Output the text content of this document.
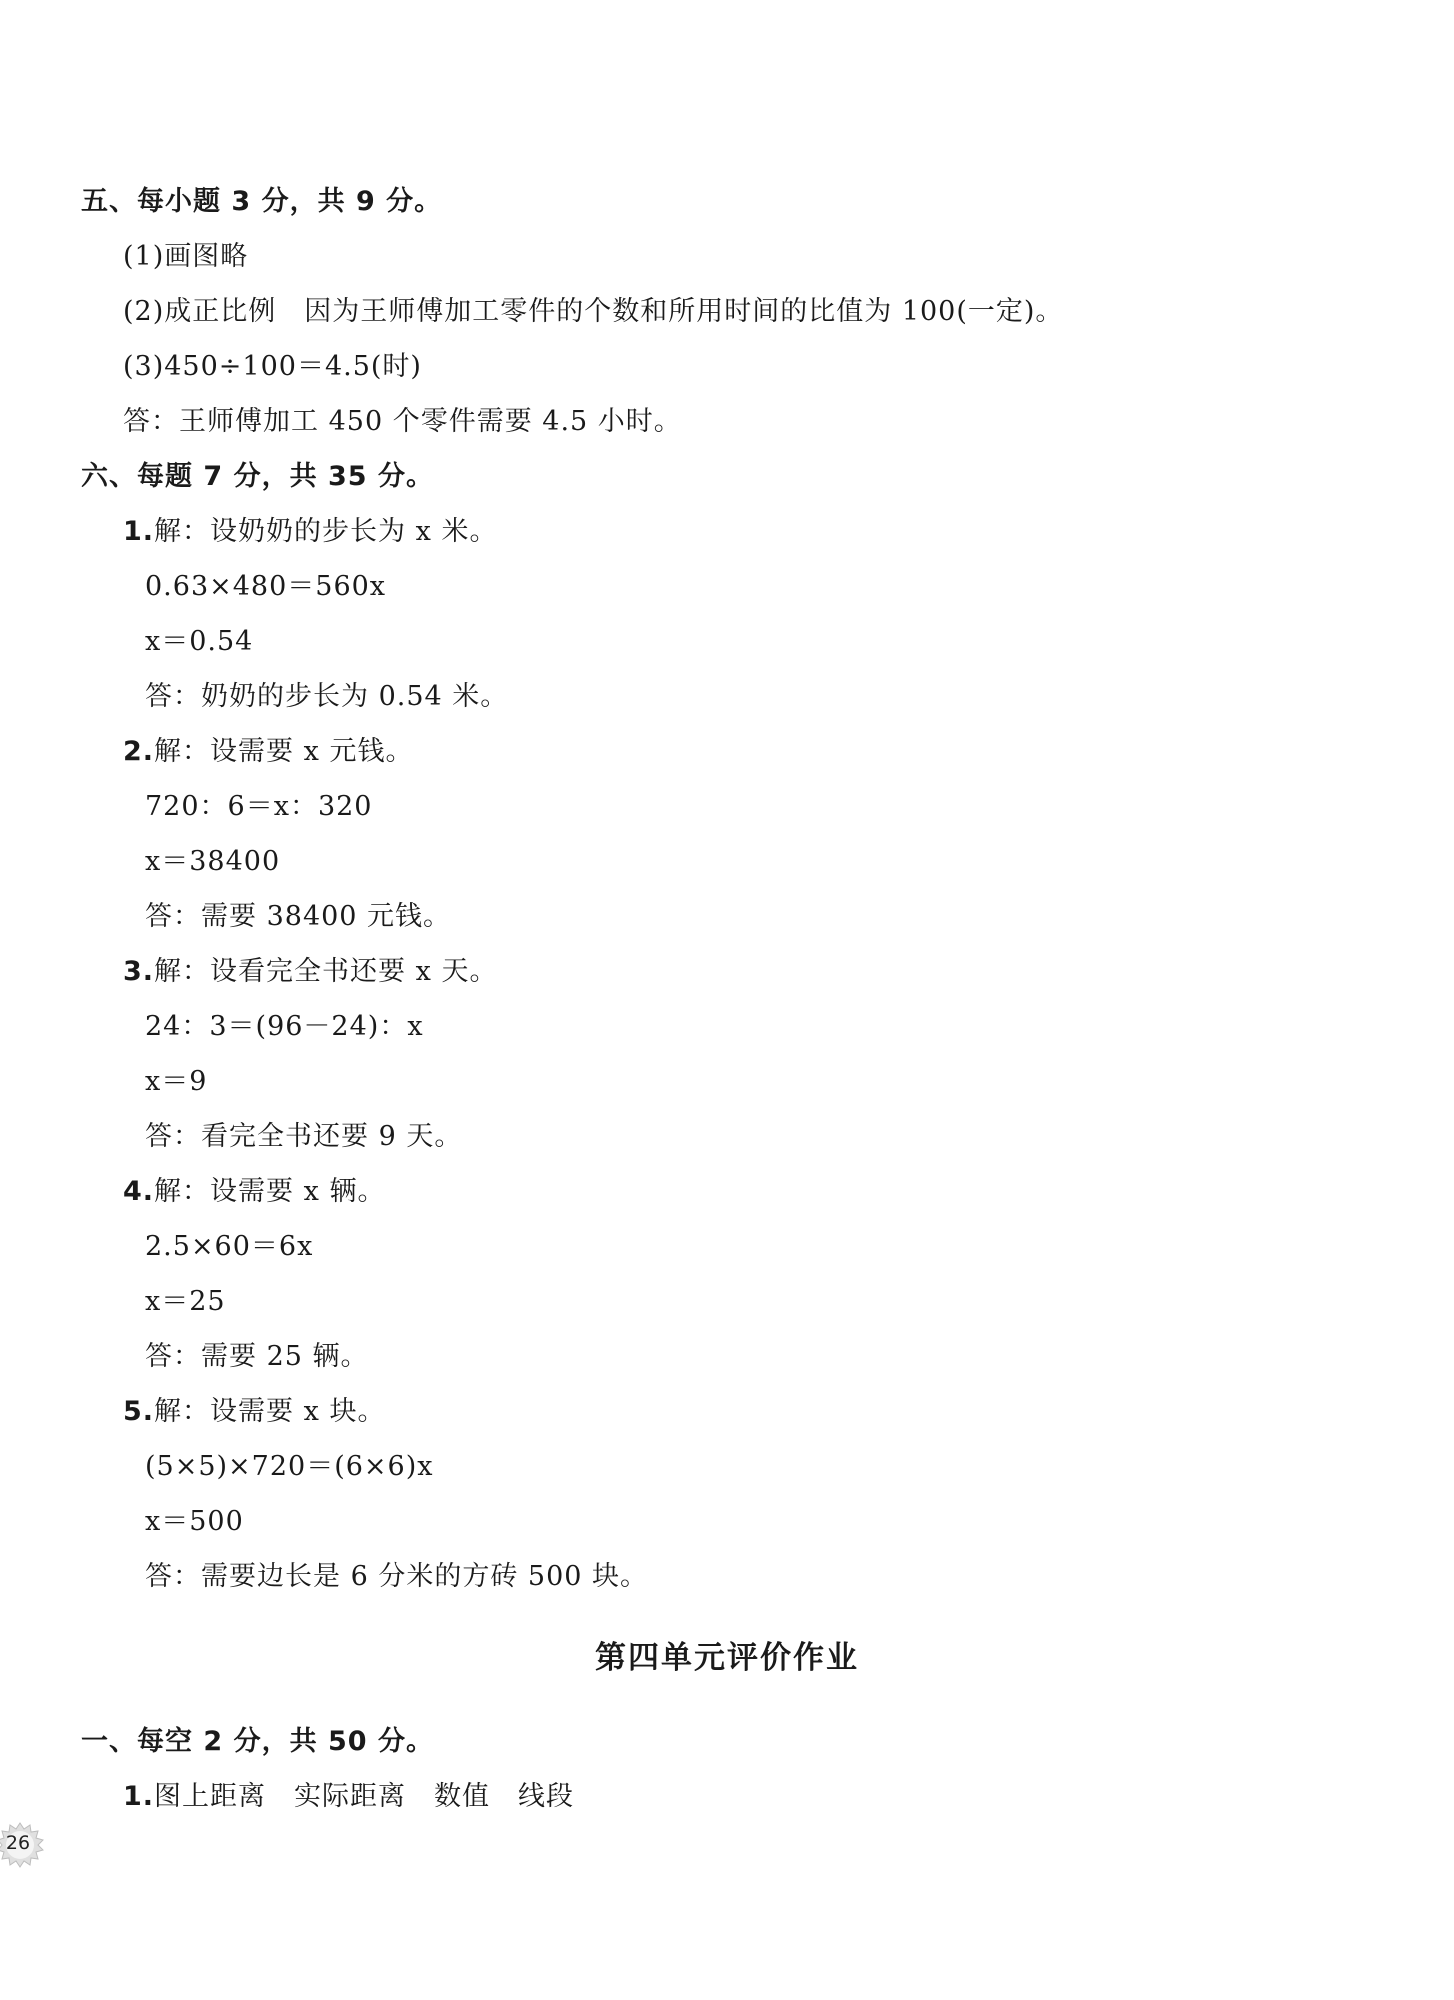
五、每小题 3 分，共 9 分。
(1)画图略
(2)成正比例　因为王师傅加工零件的个数和所用时间的比值为 100(一定)。
(3)450÷100＝4.5(时)
答：王师傅加工 450 个零件需要 4.5 小时。
六、每题 7 分，共 35 分。
1.解：设奶奶的步长为 x 米。
0.63×480＝560x
x＝0.54
答：奶奶的步长为 0.54 米。
2.解：设需要 x 元钱。
720：6＝x：320
x＝38400
答：需要 38400 元钱。
3.解：设看完全书还要 x 天。
24：3＝(96－24)：x
x＝9
答：看完全书还要 9 天。
4.解：设需要 x 辆。
2.5×60＝6x
x＝25
答：需要 25 辆。
5.解：设需要 x 块。
(5×5)×720＝(6×6)x
x＝500
答：需要边长是 6 分米的方砖 500 块。
第四单元评价作业
一、每空 2 分，共 50 分。
1.图上距离　实际距离　数值　线段
26
